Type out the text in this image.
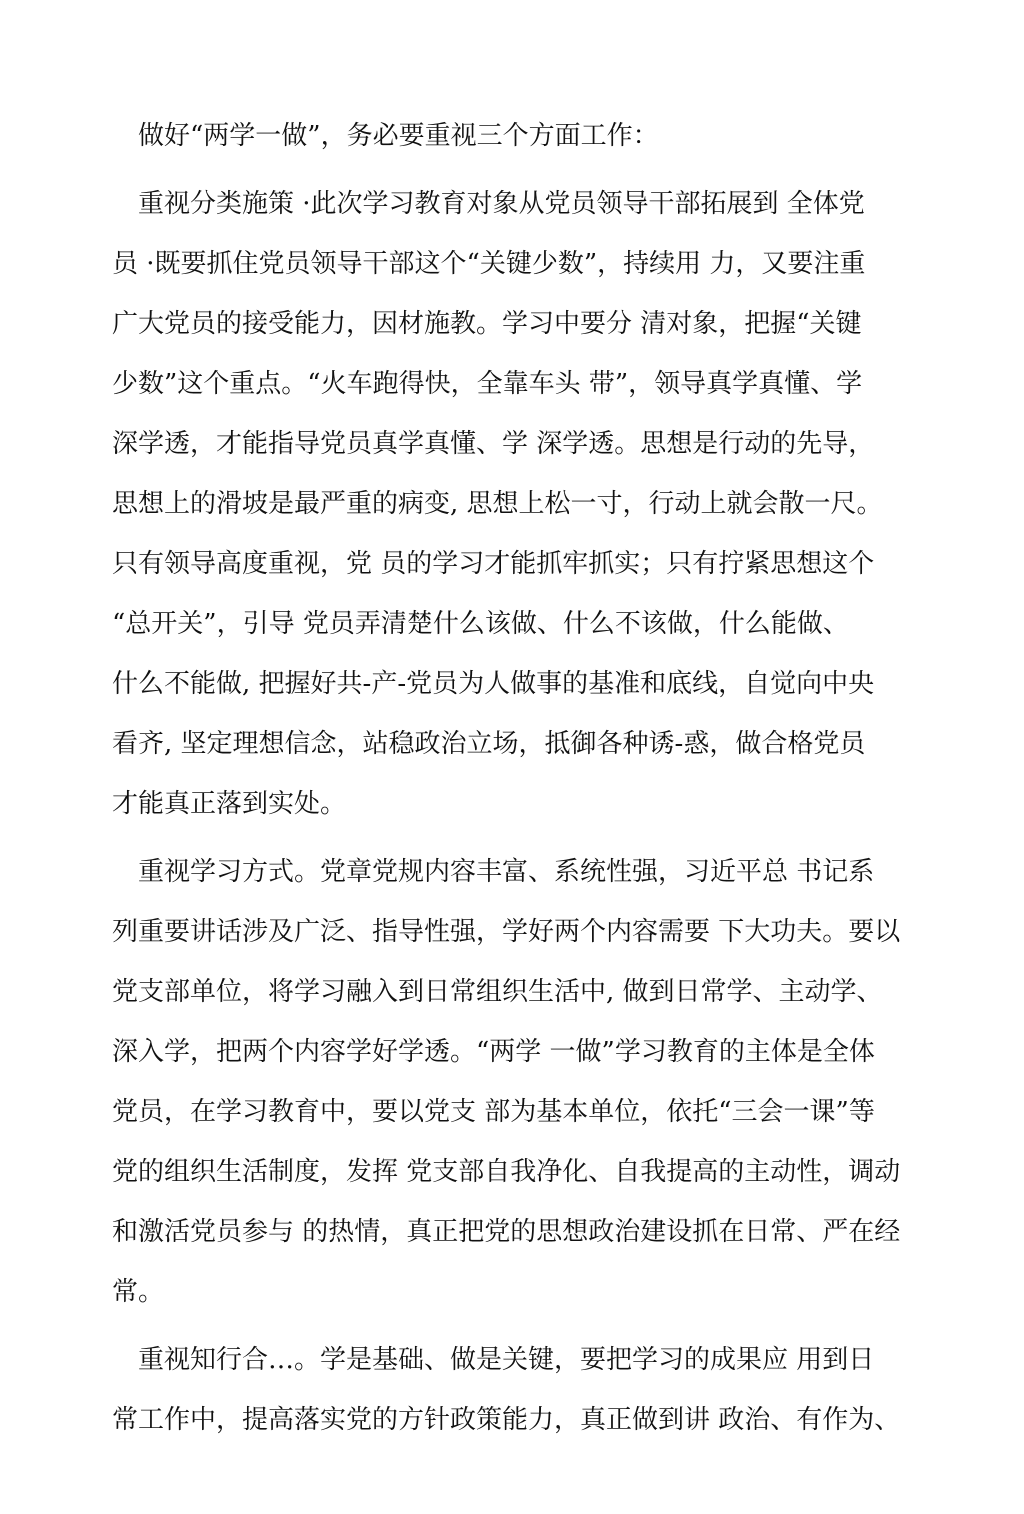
做好“两学一做”，务必要重视三个方面工作：
重视分类施策 ·此次学习教育对象从党员领导干部拓展到 全体党
员 ·既要抓住党员领导干部这个“关键少数”，持续用 力，又要注重
广大党员的接受能力，因材施教。学习中要分 清对象，把握“关键
少数”这个重点。“火车跑得快，全靠车头 带”，领导真学真懂、学
深学透，才能指导党员真学真懂、学 深学透。思想是行动的先导，
思想上的滑坡是最严重的病变, 思想上松一寸，行动上就会散一尺。
只有领导高度重视，党 员的学习才能抓牢抓实；只有拧紧思想这个
“总开关”，引导 党员弄清楚什么该做、什么不该做，什么能做、
什么不能做, 把握好共-产-党员为人做事的基准和底线，自觉向中央
看齐, 坚定理想信念，站稳政治立场，抵御各种诱-惑，做合格党员
才能真正落到实处。
重视学习方式。党章党规内容丰富、系统性强，习近平总 书记系
列重要讲话涉及广泛、指导性强，学好两个内容需要 下大功夫。要以
党支部单位，将学习融入到日常组织生活中, 做到日常学、主动学、
深入学，把两个内容学好学透。“两学 一做”学习教育的主体是全体
党员，在学习教育中，要以党支 部为基本单位，依托“三会一课”等
党的组织生活制度，发挥 党支部自我净化、自我提高的主动性，调动
和激活党员参与 的热情，真正把党的思想政治建设抓在日常、严在经
常。
重视知行合…。学是基础、做是关键，要把学习的成果应 用到日
常工作中，提高落实党的方针政策能力，真正做到讲 政治、有作为、
